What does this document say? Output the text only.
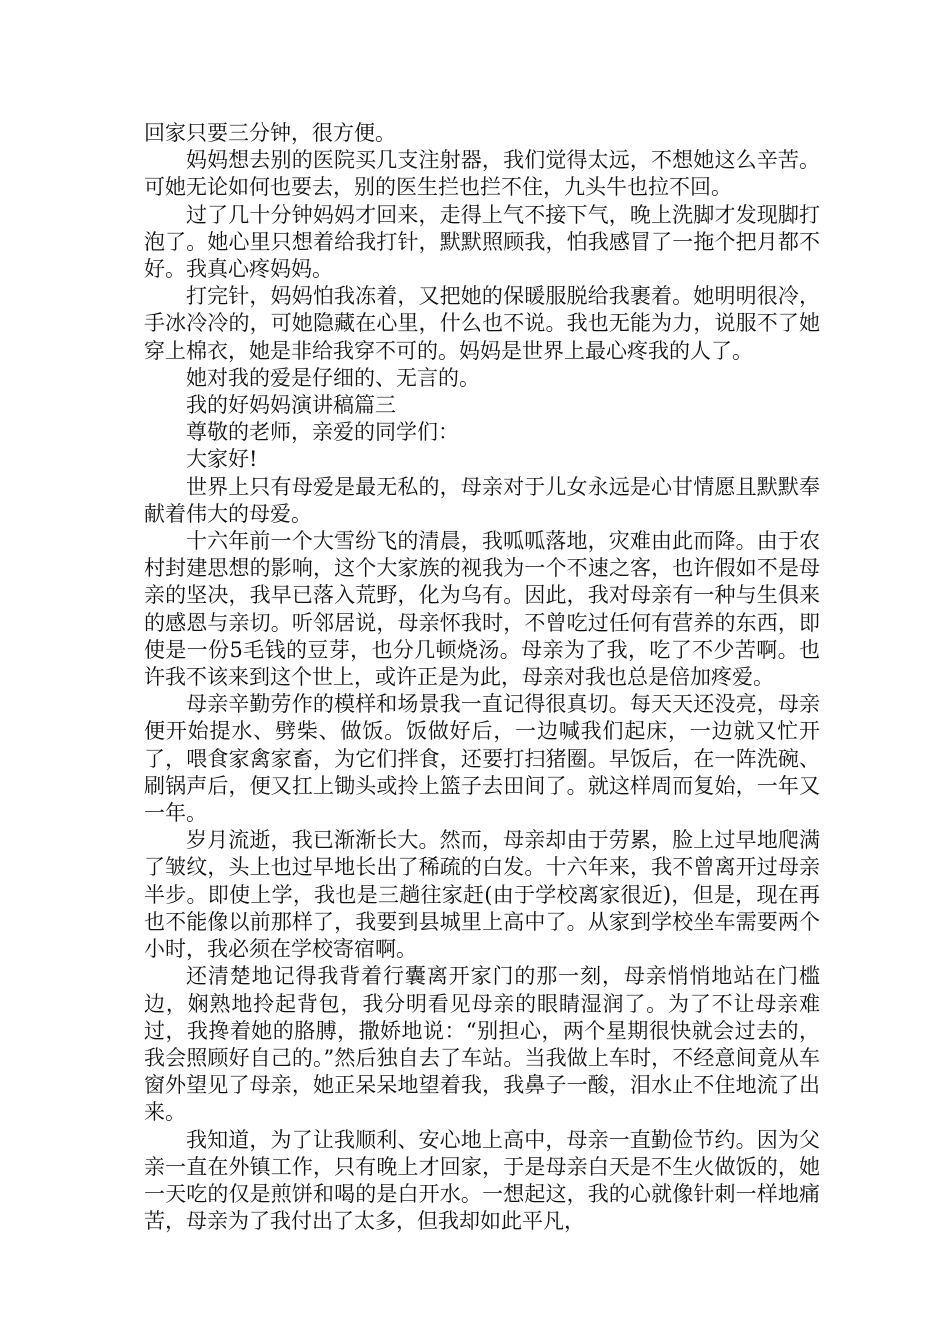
回家只要三分钟，很方便。

妈妈想去别的医院买几支注射器，我们觉得太远，不想她这么辛苦。可她无论如何也要去，别的医生拦也拦不住，九头牛也拉不回。

过了几十分钟妈妈才回来，走得上气不接下气，晚上洗脚才发现脚打泡了。她心里只想着给我打针，默默照顾我，怕我感冒了一拖个把月都不好。我真心疼妈妈。

打完针，妈妈怕我冻着，又把她的保暖服脱给我裹着。她明明很冷，手冰冷冷的，可她隐藏在心里，什么也不说。我也无能为力，说服不了她穿上棉衣，她是非给我穿不可的。妈妈是世界上最心疼我的人了。

她对我的爱是仔细的、无言的。

我的好妈妈演讲稿篇三

尊敬的老师，亲爱的同学们：

大家好!

世界上只有母爱是最无私的，母亲对于儿女永远是心甘情愿且默默奉献着伟大的母爱。

十六年前一个大雪纷飞的清晨，我呱呱落地，灾难由此而降。由于农村封建思想的影响，这个大家族的视我为一个不速之客，也许假如不是母亲的坚决，我早已落入荒野，化为乌有。因此，我对母亲有一种与生俱来的感恩与亲切。听邻居说，母亲怀我时，不曾吃过任何有营养的东西，即使是一份5毛钱的豆芽，也分几顿烧汤。母亲为了我，吃了不少苦啊。也许我不该来到这个世上，或许正是为此，母亲对我也总是倍加疼爱。

母亲辛勤劳作的模样和场景我一直记得很真切。每天天还没亮，母亲便开始提水、劈柴、做饭。饭做好后，一边喊我们起床，一边就又忙开了，喂食家禽家畜，为它们拌食，还要打扫猪圈。早饭后，在一阵洗碗、刷锅声后，便又扛上锄头或拎上篮子去田间了。就这样周而复始，一年又一年。

岁月流逝，我已渐渐长大。然而，母亲却由于劳累，脸上过早地爬满了皱纹，头上也过早地长出了稀疏的白发。十六年来，我不曾离开过母亲半步。即使上学，我也是三趟往家赶(由于学校离家很近)，但是，现在再也不能像以前那样了，我要到县城里上高中了。从家到学校坐车需要两个小时，我必须在学校寄宿啊。

还清楚地记得我背着行囊离开家门的那一刻，母亲悄悄地站在门槛边，娴熟地拎起背包，我分明看见母亲的眼睛湿润了。为了不让母亲难过，我搀着她的胳膊，撒娇地说：“别担心，两个星期很快就会过去的，我会照顾好自己的。”然后独自去了车站。当我做上车时，不经意间竟从车窗外望见了母亲，她正呆呆地望着我，我鼻子一酸，泪水止不住地流了出来。

我知道，为了让我顺利、安心地上高中，母亲一直勤俭节约。因为父亲一直在外镇工作，只有晚上才回家，于是母亲白天是不生火做饭的，她一天吃的仅是煎饼和喝的是白开水。一想起这，我的心就像针刺一样地痛苦，母亲为了我付出了太多，但我却如此平凡，
